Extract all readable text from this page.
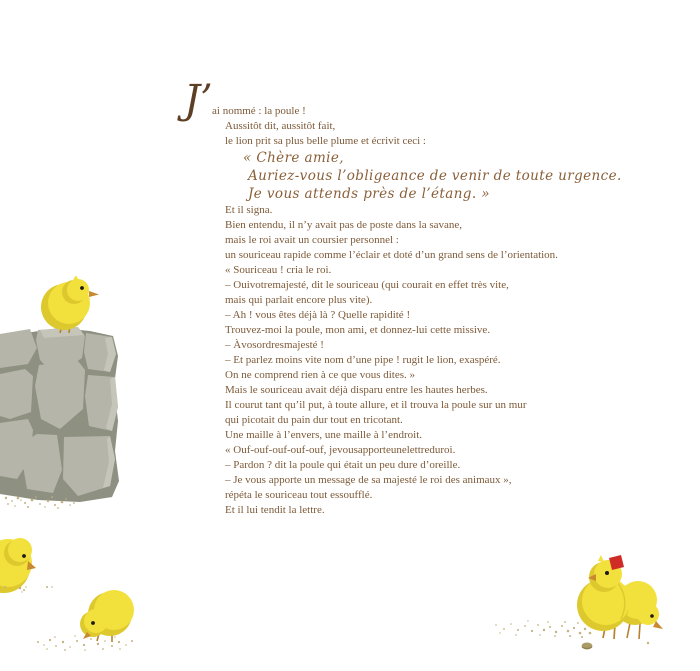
J’ ai nommé : la poule !
Aussitôt dit, aussitôt fait,
le lion prit sa plus belle plume et écrivit ceci :
« Chère amie,
Auriez-vous l’obligeance de venir de toute urgence.
Je vous attends près de l’étang. »
Et il signa.
Bien entendu, il n’y avait pas de poste dans la savane,
mais le roi avait un coursier personnel :
un souriceau rapide comme l’éclair et doté d’un grand sens de l’orientation.
« Souriceau ! cria le roi.
– Ouivotremajesté, dit le souriceau (qui courait en effet très vite,
mais qui parlait encore plus vite).
– Ah ! vous êtes déjà là ? Quelle rapidité !
Trouvez-moi la poule, mon ami, et donnez-lui cette missive.
– Àvosordresmajesté !
– Et parlez moins vite nom d’une pipe ! rugit le lion, exaspéré.
On ne comprend rien à ce que vous dites. »
Mais le souriceau avait déjà disparu entre les hautes herbes.
Il courut tant qu’il put, à toute allure, et il trouva la poule sur un mur
qui picotait du pain dur tout en tricotant.
Une maille à l’envers, une maille à l’endroit.
« Ouf-ouf-ouf-ouf-ouf, jevousapporteunelettreduroi.
– Pardon ? dit la poule qui était un peu dure d’oreille.
– Je vous apporte un message de sa majesté le roi des animaux »,
répéta le souriceau tout essoufflé.
Et il lui tendit la lettre.
